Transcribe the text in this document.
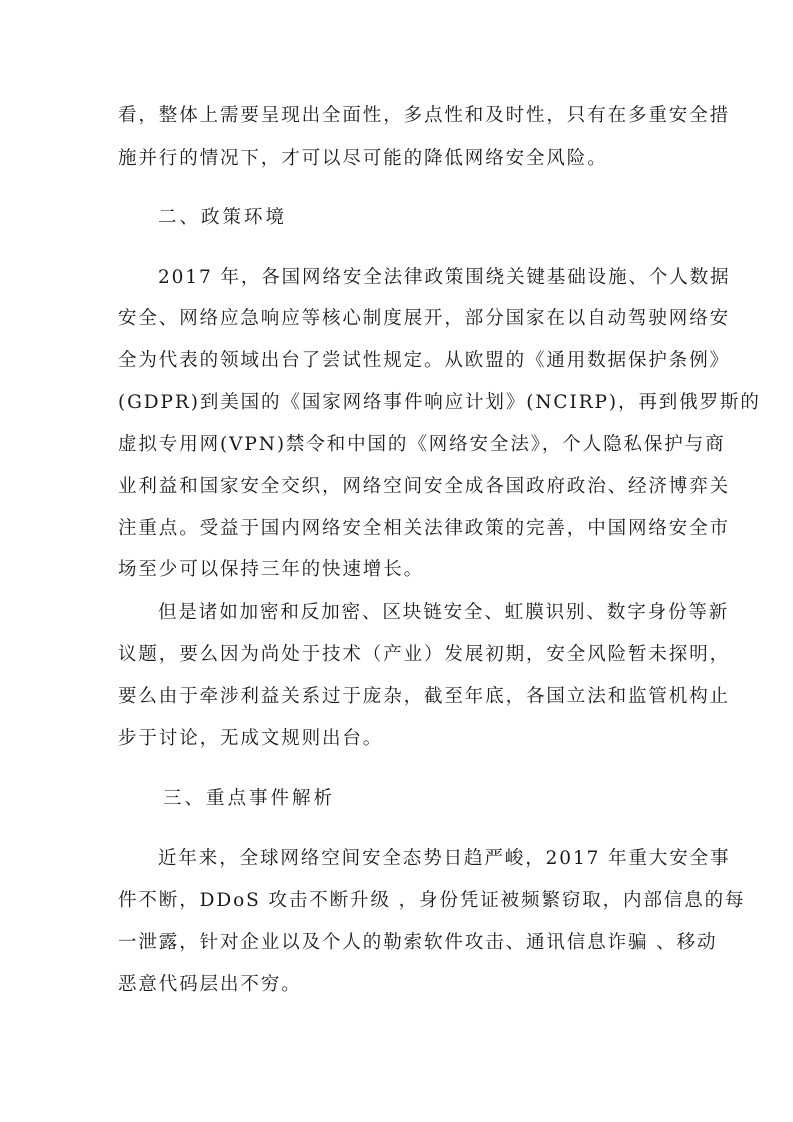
看，整体上需要呈现出全面性，多点性和及时性，只有在多重安全措
施并行的情况下，才可以尽可能的降低网络安全风险。
二、政策环境
2017 年，各国网络安全法律政策围绕关键基础设施、个人数据
安全、网络应急响应等核心制度展开，部分国家在以自动驾驶网络安
全为代表的领域出台了尝试性规定。从欧盟的《通用数据保护条例》
(GDPR)到美国的《国家网络事件响应计划》(NCIRP)，再到俄罗斯的
虚拟专用网(VPN)禁令和中国的《网络安全法》，个人隐私保护与商
业利益和国家安全交织，网络空间安全成各国政府政治、经济博弈关
注重点。受益于国内网络安全相关法律政策的完善，中国网络安全市
场至少可以保持三年的快速增长。
但是诸如加密和反加密、区块链安全、虹膜识别、数字身份等新
议题，要么因为尚处于技术（产业）发展初期，安全风险暂未探明，
要么由于牵涉利益关系过于庞杂，截至年底，各国立法和监管机构止
步于讨论，无成文规则出台。
三、重点事件解析
近年来，全球网络空间安全态势日趋严峻，2017 年重大安全事
件不断，DDoS 攻击不断升级 ，身份凭证被频繁窃取，内部信息的每
一泄露，针对企业以及个人的勒索软件攻击、通讯信息诈骗 、移动
恶意代码层出不穷。
